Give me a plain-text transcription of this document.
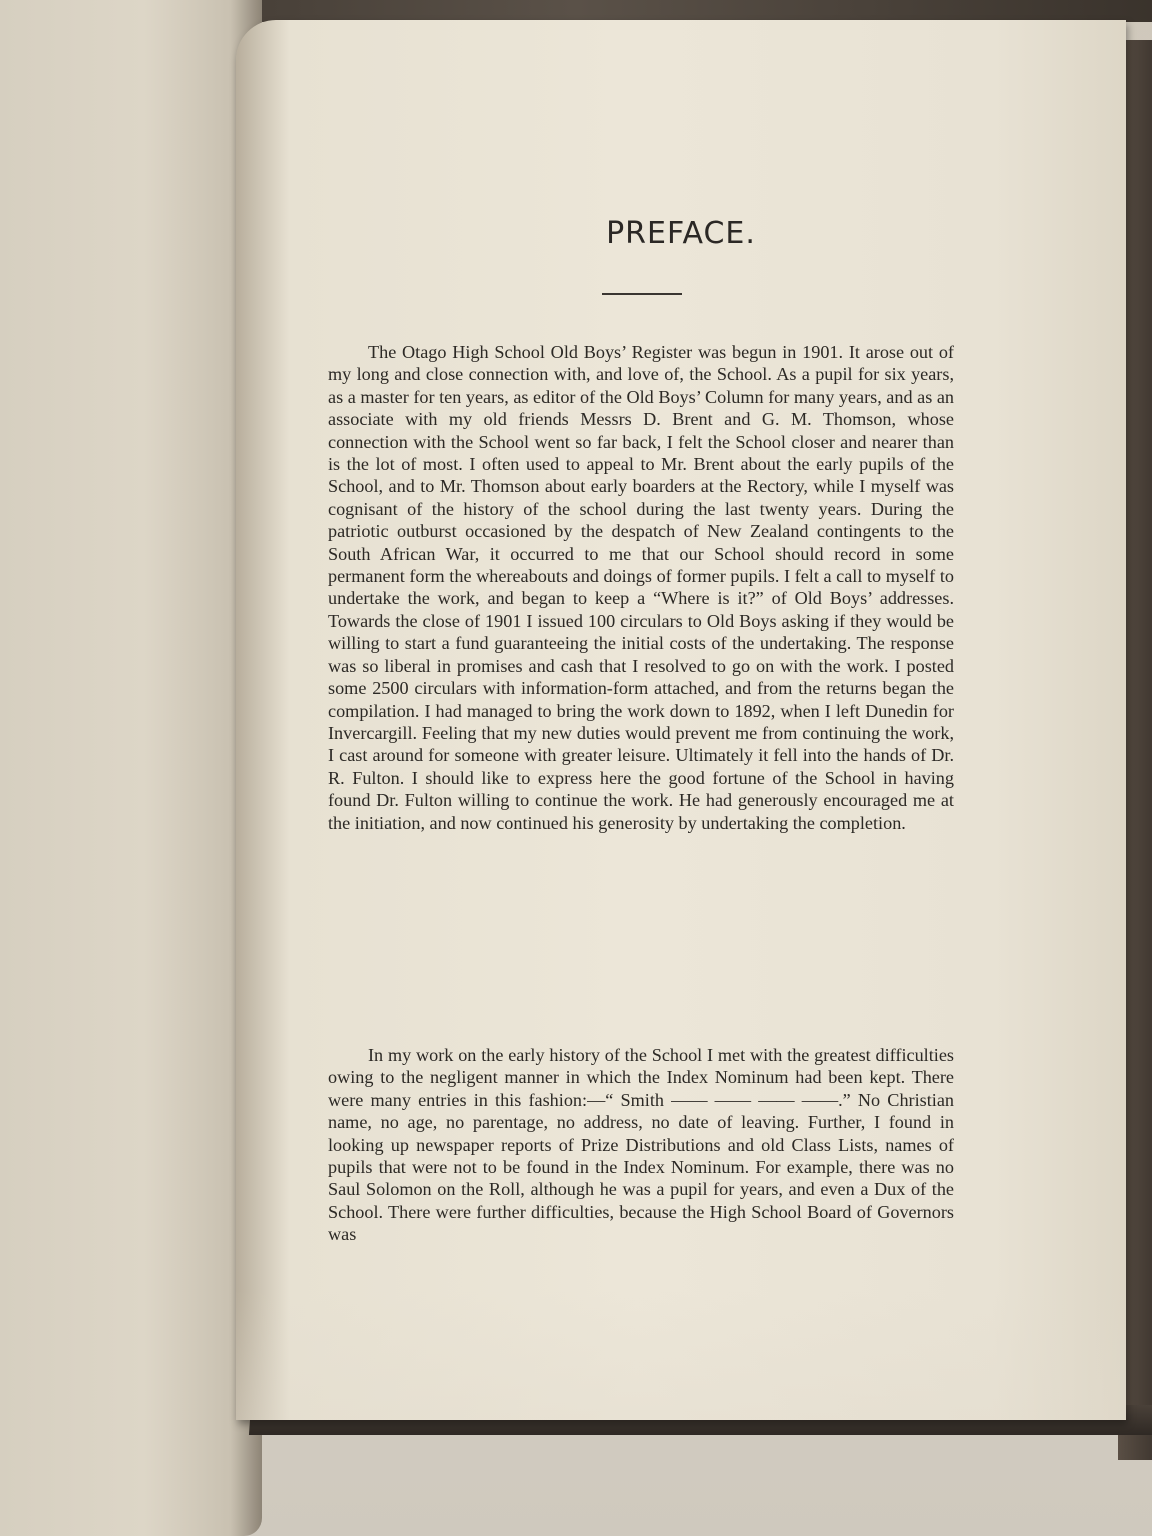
PREFACE.

The Otago High School Old Boys’ Register was begun in 1901. It arose out of my long and close connection with, and love of, the School. As a pupil for six years, as a master for ten years, as editor of the Old Boys’ Column for many years, and as an associate with my old friends Messrs D. Brent and G. M. Thomson, whose connection with the School went so far back, I felt the School closer and nearer than is the lot of most. I often used to appeal to Mr. Brent about the early pupils of the School, and to Mr. Thomson about early boarders at the Rectory, while I myself was cognisant of the history of the school during the last twenty years. During the patriotic outburst occasioned by the despatch of New Zealand contingents to the South African War, it occurred to me that our School should record in some permanent form the whereabouts and doings of former pupils. I felt a call to myself to undertake the work, and began to keep a “Where is it?” of Old Boys’ addresses. Towards the close of 1901 I issued 100 circulars to Old Boys asking if they would be willing to start a fund guaranteeing the initial costs of the undertaking. The response was so liberal in promises and cash that I resolved to go on with the work. I posted some 2500 circulars with information-form attached, and from the returns began the compilation. I had managed to bring the work down to 1892, when I left Dunedin for Invercargill. Feeling that my new duties would prevent me from continuing the work, I cast around for someone with greater leisure. Ultimately it fell into the hands of Dr. R. Fulton. I should like to express here the good fortune of the School in having found Dr. Fulton willing to continue the work. He had generously encouraged me at the initiation, and now continued his generosity by undertaking the completion.

In my work on the early history of the School I met with the greatest difficulties owing to the negligent manner in which the Index Nominum had been kept. There were many entries in this fashion:—“ Smith —— —— —— ——.” No Christian name, no age, no parentage, no address, no date of leaving. Further, I found in looking up newspaper reports of Prize Distributions and old Class Lists, names of pupils that were not to be found in the Index Nominum. For example, there was no Saul Solomon on the Roll, although he was a pupil for years, and even a Dux of the School. There were further difficulties, because the High School Board of Governors was
